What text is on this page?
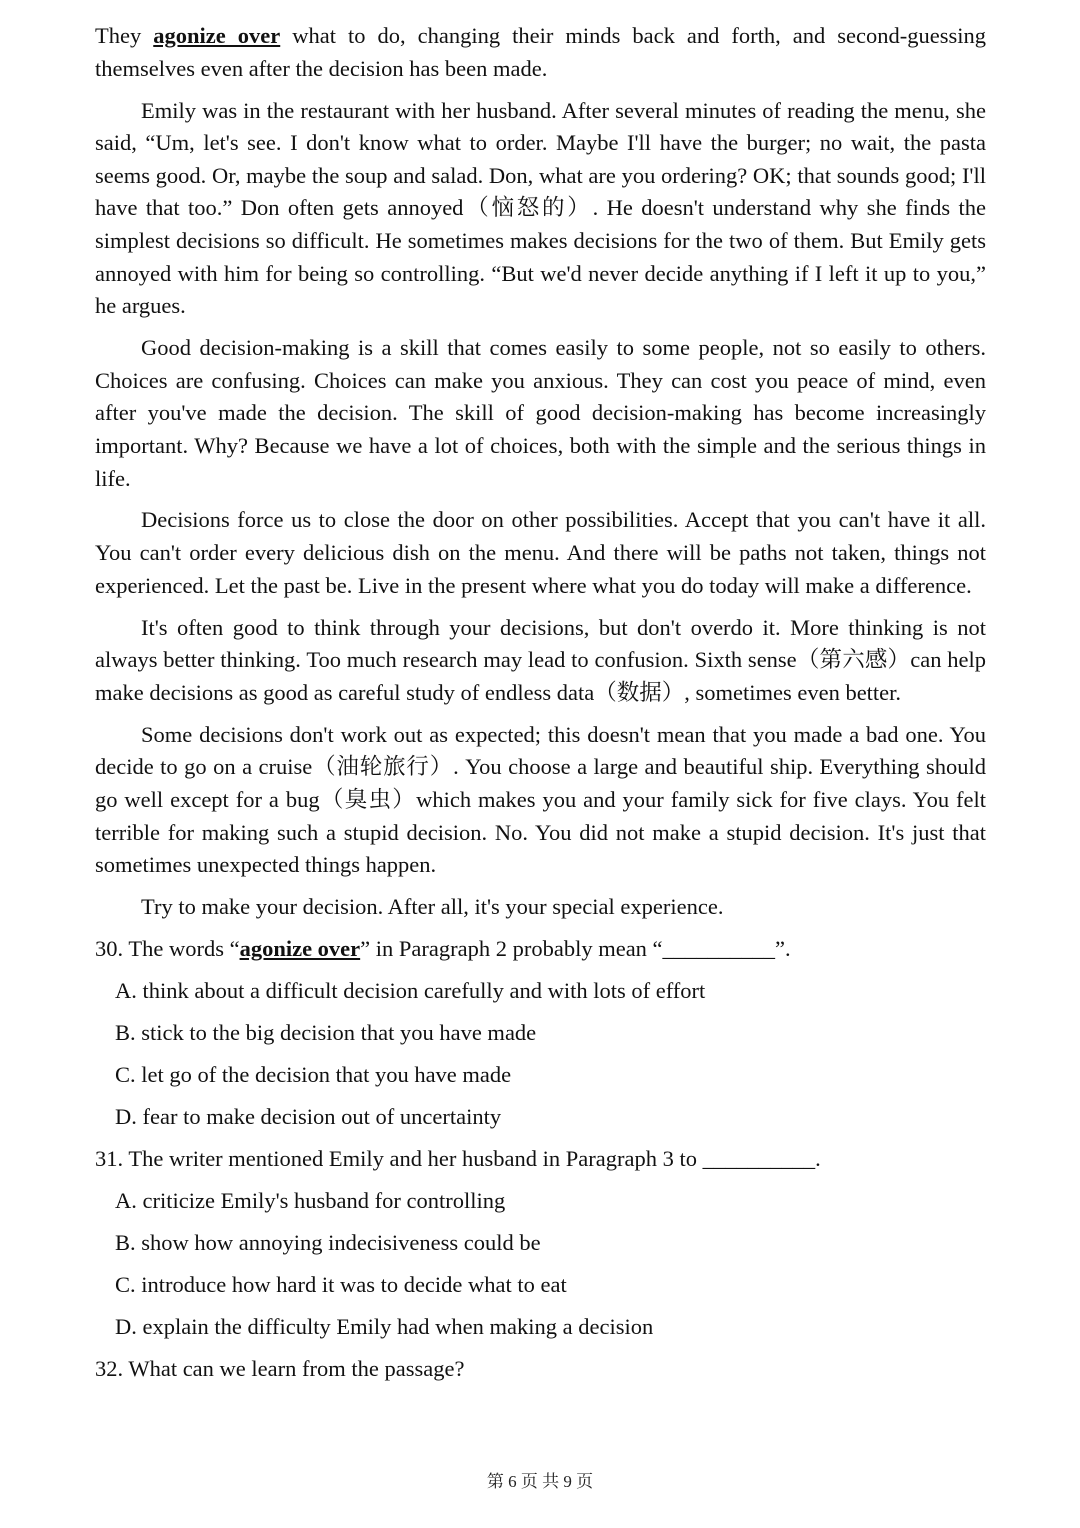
They agonize over what to do, changing their minds back and forth, and second-guessing themselves even after the decision has been made.

Emily was in the restaurant with her husband. After several minutes of reading the menu, she said, “Um, let's see. I don't know what to order. Maybe I'll have the burger; no wait, the pasta seems good. Or, maybe the soup and salad. Don, what are you ordering? OK; that sounds good; I'll have that too.” Don often gets annoyed（恼怒的）. He doesn't understand why she finds the simplest decisions so difficult. He sometimes makes decisions for the two of them. But Emily gets annoyed with him for being so controlling. “But we'd never decide anything if I left it up to you,” he argues.

Good decision-making is a skill that comes easily to some people, not so easily to others. Choices are confusing. Choices can make you anxious. They can cost you peace of mind, even after you've made the decision. The skill of good decision-making has become increasingly important. Why? Because we have a lot of choices, both with the simple and the serious things in life.

Decisions force us to close the door on other possibilities. Accept that you can't have it all. You can't order every delicious dish on the menu. And there will be paths not taken, things not experienced. Let the past be. Live in the present where what you do today will make a difference.

It's often good to think through your decisions, but don't overdo it. More thinking is not always better thinking. Too much research may lead to confusion. Sixth sense（第六感）can help make decisions as good as careful study of endless data（数据）, sometimes even better.

Some decisions don't work out as expected; this doesn't mean that you made a bad one. You decide to go on a cruise（油轮旅行）. You choose a large and beautiful ship. Everything should go well except for a bug（臭虫）which makes you and your family sick for five clays. You felt terrible for making such a stupid decision. No. You did not make a stupid decision. It's just that sometimes unexpected things happen.

Try to make your decision. After all, it's your special experience.

30. The words “agonize over” in Paragraph 2 probably mean “__________”.
A. think about a difficult decision carefully and with lots of effort
B. stick to the big decision that you have made
C. let go of the decision that you have made
D. fear to make decision out of uncertainty
31. The writer mentioned Emily and her husband in Paragraph 3 to __________.
A. criticize Emily's husband for controlling
B. show how annoying indecisiveness could be
C. introduce how hard it was to decide what to eat
D. explain the difficulty Emily had when making a decision
32. What can we learn from the passage?
第 6 页 共 9 页
